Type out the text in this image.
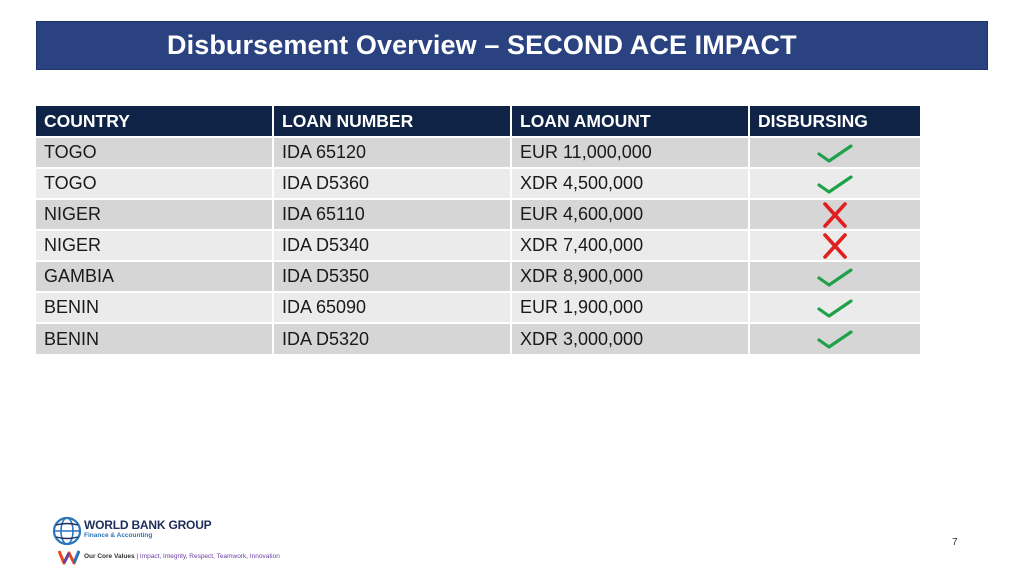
Disbursement Overview – SECOND ACE IMPACT
COUNTRY	LOAN NUMBER	LOAN AMOUNT	DISBURSING
TOGO	IDA 65120	EUR 11,000,000	
TOGO	IDA D5360	XDR 4,500,000	
NIGER	IDA 65110	EUR 4,600,000	
NIGER	IDA D5340	XDR 7,400,000	
GAMBIA	IDA D5350	XDR 8,900,000	
BENIN	IDA 65090	EUR 1,900,000	
BENIN	IDA D5320	XDR 3,000,000	
WORLD BANK GROUP
Finance & Accounting
Our Core Values | Impact, Integrity, Respect, Teamwork, Innovation
7
